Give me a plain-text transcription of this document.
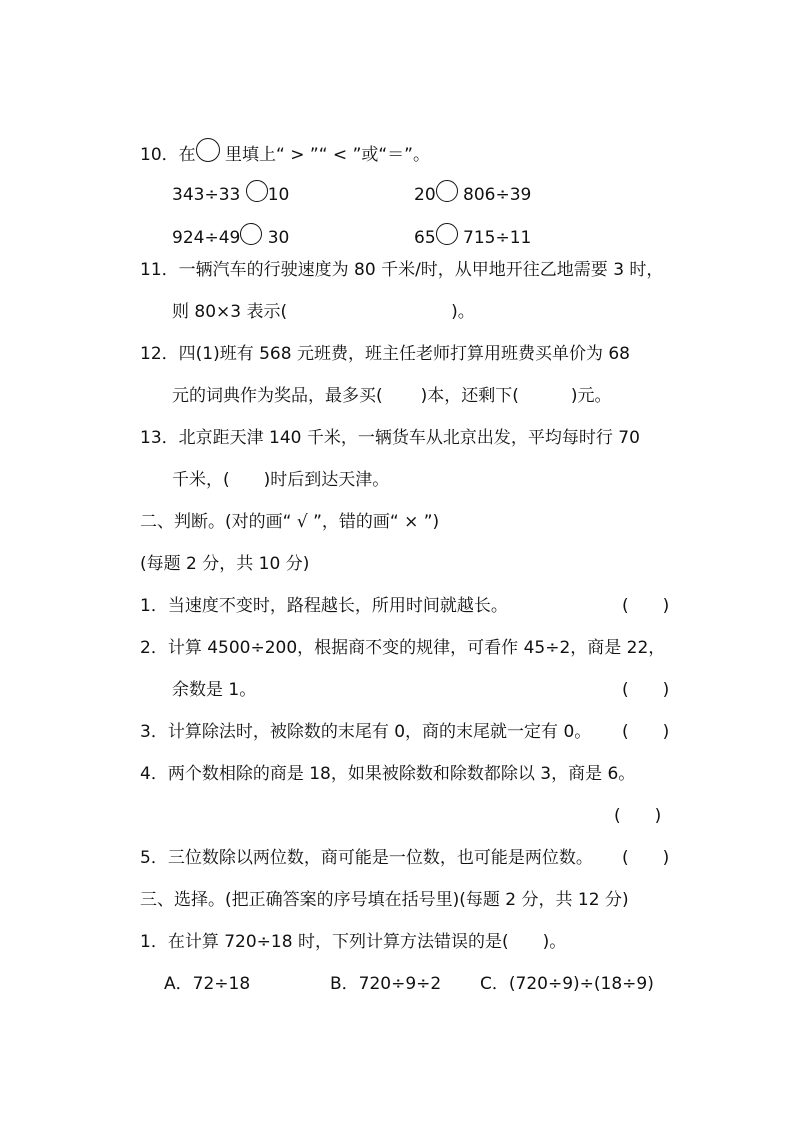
10．在 里填上“ > ”“ < ”或“＝”。
343÷33 10	20 806÷39
924÷49 30	65 715÷11
11．一辆汽车的行驶速度为 80 千米/时，从甲地开往乙地需要 3 时，
则 80×3 表示(	)。
12．四(1)班有 568 元班费，班主任老师打算用班费买单价为 68
元的词典作为奖品，最多买( )本，还剩下(	)元。
13．北京距天津 140 千米，一辆货车从北京出发，平均每时行 70
千米，( )时后到达天津。
二、判断。(对的画“ √ ”，错的画“ × ”)
(每题 2 分，共 10 分)
1．当速度不变时，路程越长，所用时间就越长。	(　　)
2．计算 4500÷200，根据商不变的规律，可看作 45÷2，商是 22，
余数是 1。	(　　)
3．计算除法时，被除数的末尾有 0，商的末尾就一定有 0。 (　　)
4．两个数相除的商是 18，如果被除数和除数都除以 3，商是 6。
(　　)
5．三位数除以两位数，商可能是一位数，也可能是两位数。 (　　)
三、选择。(把正确答案的序号填在括号里)(每题 2 分，共 12 分)
1．在计算 720÷18 时，下列计算方法错误的是( )。
A．72÷18	B．720÷9÷2 C．(720÷9)÷(18÷9)
